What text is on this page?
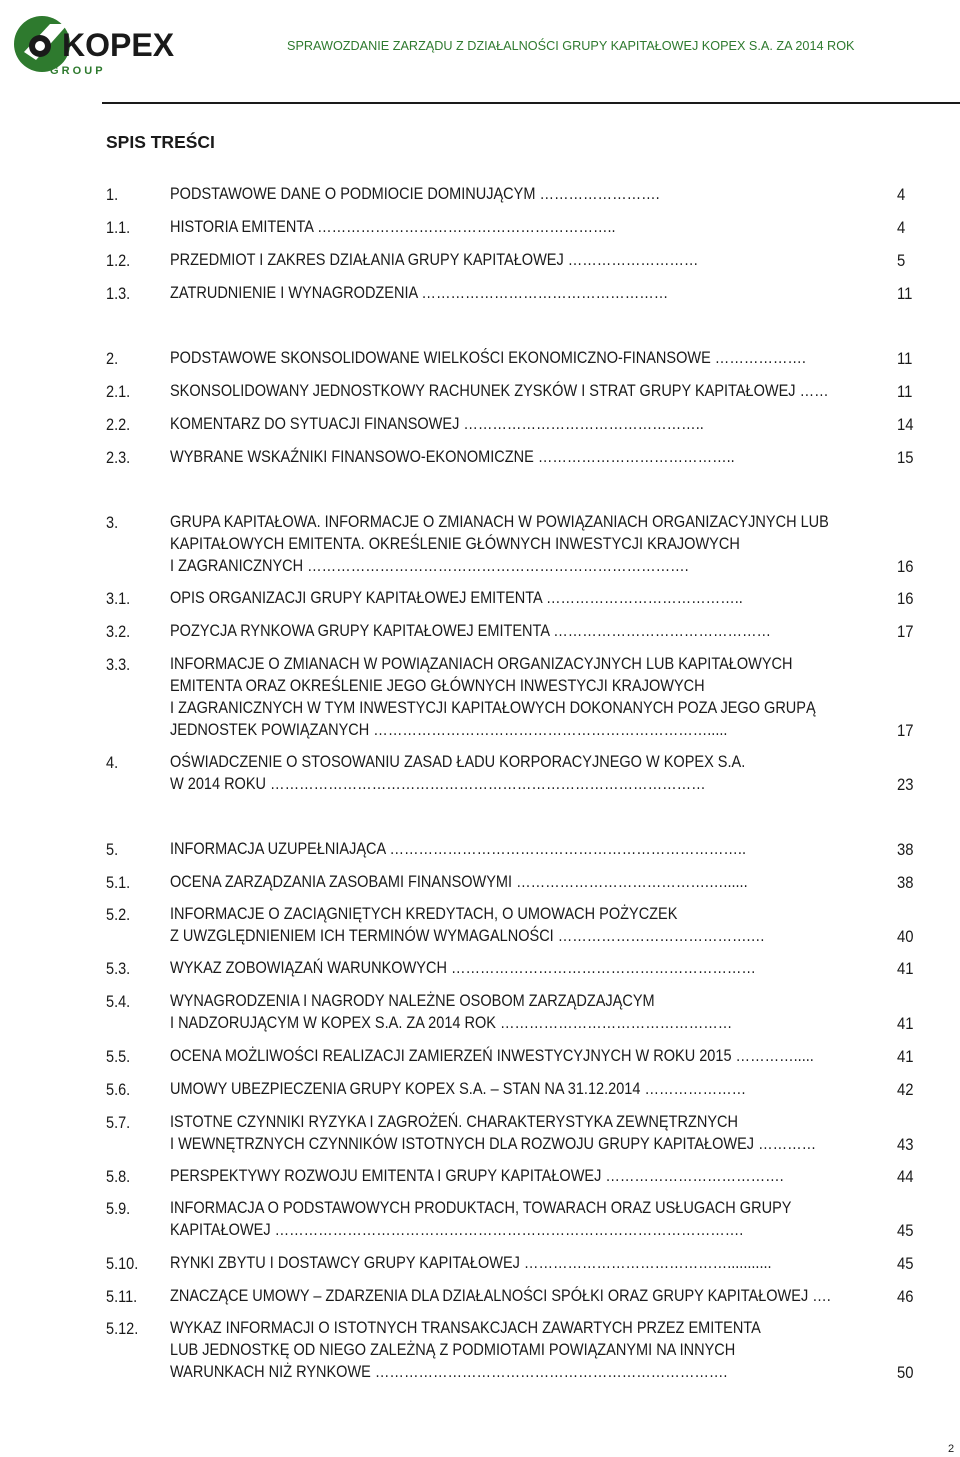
KOPEX
G R O U P
SPRAWOZDANIE ZARZĄDU Z DZIAŁALNOŚCI GRUPY KAPITAŁOWEJ KOPEX S.A. ZA 2014 ROK
SPIS TREŚCI
1.	PODSTAWOWE DANE O PODMIOCIE DOMINUJĄCYM …………………….	4
1.1. HISTORIA EMITENTA ……………………………………………………..	4
1.2. PRZEDMIOT I ZAKRES DZIAŁANIA GRUPY KAPITAŁOWEJ ………………………	5
1.3. ZATRUDNIENIE I WYNAGRODZENIA ……………………………………………	11
2.	PODSTAWOWE SKONSOLIDOWANE WIELKOŚCI EKONOMICZNO-FINANSOWE ……………….	11
2.1. SKONSOLIDOWANY JEDNOSTKOWY RACHUNEK ZYSKÓW I STRAT GRUPY KAPITAŁOWEJ ……	11
2.2. KOMENTARZ DO SYTUACJI FINANSOWEJ …………………………………………..	14
2.3. WYBRANE WSKAŹNIKI FINANSOWO-EKONOMICZNE …………………………………..	15
3.	GRUPA KAPITAŁOWA. INFORMACJE O ZMIANACH W POWIĄZANIACH ORGANIZACYJNYCH LUB
KAPITAŁOWYCH EMITENTA. OKREŚLENIE GŁÓWNYCH INWESTYCJI KRAJOWYCH
I ZAGRANICZNYCH …………………………………………………………………….	16
3.1. OPIS ORGANIZACJI GRUPY KAPITAŁOWEJ EMITENTA …………………………………..	16
3.2. POZYCJA RYNKOWA GRUPY KAPITAŁOWEJ EMITENTA ………………………………………	17
3.3. INFORMACJE O ZMIANACH W POWIĄZANIACH ORGANIZACYJNYCH LUB KAPITAŁOWYCH
EMITENTA ORAZ OKREŚLENIE JEGO GŁÓWNYCH INWESTYCJI KRAJOWYCH
I ZAGRANICZNYCH W TYM INWESTYCJI KAPITAŁOWYCH DOKONANYCH POZA JEGO GRUPĄ
JEDNOSTEK POWIĄZANYCH …………………………………………………………….....	17
4.	OŚWIADCZENIE O STOSOWANIU ZASAD ŁADU KORPORACYJNEGO W KOPEX S.A.
W 2014 ROKU ………………………………………………………………………………	23
5.	INFORMACJA UZUPEŁNIAJĄCA ………………………………………………………………..	38
5.1. OCENA ZARZĄDZANIA ZASOBAMI FINANSOWYMI ………………………………….…......	38
5.2. INFORMACJE O ZACIĄGNIĘTYCH KREDYTACH, O UMOWACH POŻYCZEK
Z UWZGLĘDNIENIEM ICH TERMINÓW WYMAGALNOŚCI ………………………………….…	40
5.3. WYKAZ ZOBOWIĄZAŃ WARUNKOWYCH ………………………………………………………	41
5.4. WYNAGRODZENIA I NAGRODY NALEŻNE OSOBOM ZARZĄDZAJĄCYM
I NADZORUJĄCYM W KOPEX S.A. ZA 2014 ROK …………………………………………	41
5.5. OCENA MOŻLIWOŚCI REALIZACJI ZAMIERZEŃ INWESTYCYJNYCH W ROKU 2015 ………….....	41
5.6. UMOWY UBEZPIECZENIA GRUPY KOPEX S.A. – STAN NA 31.12.2014 …………………	42
5.7. ISTOTNE CZYNNIKI RYZYKA I ZAGROŻEŃ. CHARAKTERYSTYKA ZEWNĘTRZNYCH
I WEWNĘTRZNYCH CZYNNIKÓW ISTOTNYCH DLA ROZWOJU GRUPY KAPITAŁOWEJ …………	43
5.8. PERSPEKTYWY ROZWOJU EMITENTA I GRUPY KAPITAŁOWEJ ……………………………….	44
5.9. INFORMACJA O PODSTAWOWYCH PRODUKTACH, TOWARACH ORAZ USŁUGACH GRUPY
KAPITAŁOWEJ …………………………………………………………………………………….	45
5.10. RYNKI ZBYTU I DOSTAWCY GRUPY KAPITAŁOWEJ ……………………………………...........	45
5.11. ZNACZĄCE UMOWY – ZDARZENIA DLA DZIAŁALNOŚCI SPÓŁKI ORAZ GRUPY KAPITAŁOWEJ ….	46
5.12. WYKAZ INFORMACJI O ISTOTNYCH TRANSAKCJACH ZAWARTYCH PRZEZ EMITENTA
LUB JEDNOSTKĘ OD NIEGO ZALEŻNĄ Z PODMIOTAMI POWIĄZANYMI NA INNYCH
WARUNKACH NIŻ RYNKOWE ……………………………………………………………….	50
2
